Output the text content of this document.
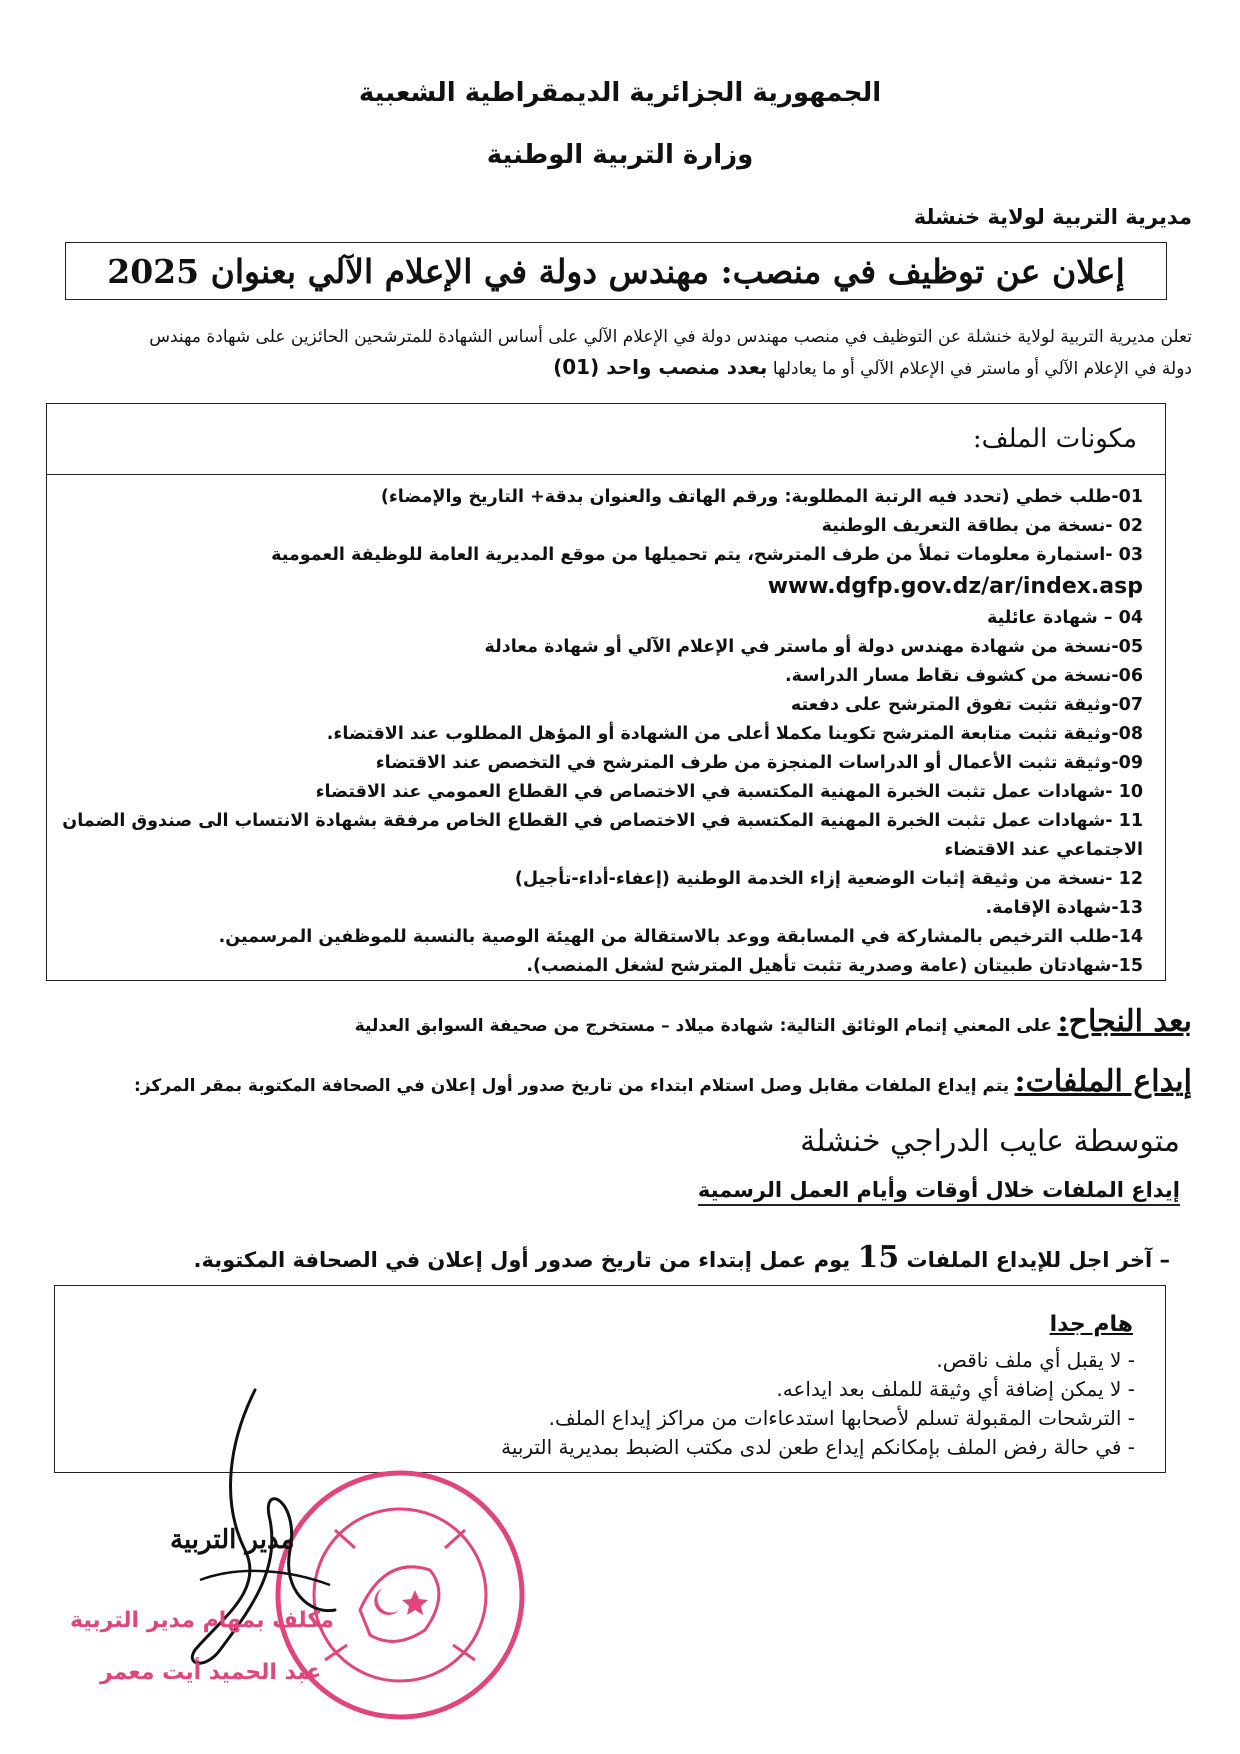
الجمهورية الجزائرية الديمقراطية الشعبية
وزارة التربية الوطنية
مديرية التربية لولاية خنشلة
إعلان عن توظيف في منصب: مهندس دولة في الإعلام الآلي بعنوان 2025
تعلن مديرية التربية لولاية خنشلة عن التوظيف في منصب مهندس دولة في الإعلام الآلي على أساس الشهادة للمترشحين الحائزين على شهادة مهندس
دولة في الإعلام الآلي أو ماستر في الإعلام الآلي أو ما يعادلها بعدد منصب واحد (01)
مكونات الملف:
01-طلب خطي (تحدد فيه الرتبة المطلوبة: ورقم الهاتف والعنوان بدقة+ التاريخ والإمضاء)
02 -نسخة من بطاقة التعريف الوطنية
03 -استمارة معلومات تملأ من طرف المترشح، يتم تحميلها من موقع المديرية العامة للوظيفة العمومية
www.dgfp.gov.dz/ar/index.asp
04 – شهادة عائلية
05-نسخة من شهادة مهندس دولة أو ماستر في الإعلام الآلي أو شهادة معادلة
06-نسخة من كشوف نقاط مسار الدراسة.
07-وثيقة تثبت تفوق المترشح على دفعته
08-وثيقة تثبت متابعة المترشح تكوينا مكملا أعلى من الشهادة أو المؤهل المطلوب عند الاقتضاء.
09-وثيقة تثبت الأعمال أو الدراسات المنجزة من طرف المترشح في التخصص عند الاقتضاء
10 -شهادات عمل تثبت الخبرة المهنية المكتسبة في الاختصاص في القطاع العمومي عند الاقتضاء
11 -شهادات عمل تثبت الخبرة المهنية المكتسبة في الاختصاص في القطاع الخاص مرفقة بشهادة الانتساب الى صندوق الضمان الاجتماعي عند الاقتضاء
12 -نسخة من وثيقة إثبات الوضعية إزاء الخدمة الوطنية (إعفاء-أداء-تأجيل)
13-شهادة الإقامة.
14-طلب الترخيص بالمشاركة في المسابقة ووعد بالاستقالة من الهيئة الوصية بالنسبة للموظفين المرسمين.
15-شهادتان طبيتان (عامة وصدرية تثبت تأهيل المترشح لشغل المنصب).
بعد النجاح: على المعني إتمام الوثائق التالية: شهادة ميلاد – مستخرج من صحيفة السوابق العدلية
إيداع الملفات: يتم إيداع الملفات مقابل وصل استلام ابتداء من تاريخ صدور أول إعلان في الصحافة المكتوبة بمقر المركز:
متوسطة عايب الدراجي خنشلة
إيداع الملفات خلال أوقات وأيام العمل الرسمية
– آخر اجل للإيداع الملفات 15 يوم عمل إبتداء من تاريخ صدور أول إعلان في الصحافة المكتوبة.
هام جدا
- لا يقبل أي ملف ناقص.
- لا يمكن إضافة أي وثيقة للملف بعد ايداعه.
- الترشحات المقبولة تسلم لأصحابها استدعاءات من مراكز إيداع الملف.
- في حالة رفض الملف بإمكانكم إيداع طعن لدى مكتب الضبط بمديرية التربية
مدير التربية
مكلف بمهام مدير التربية
عبد الحميد أيت معمر
